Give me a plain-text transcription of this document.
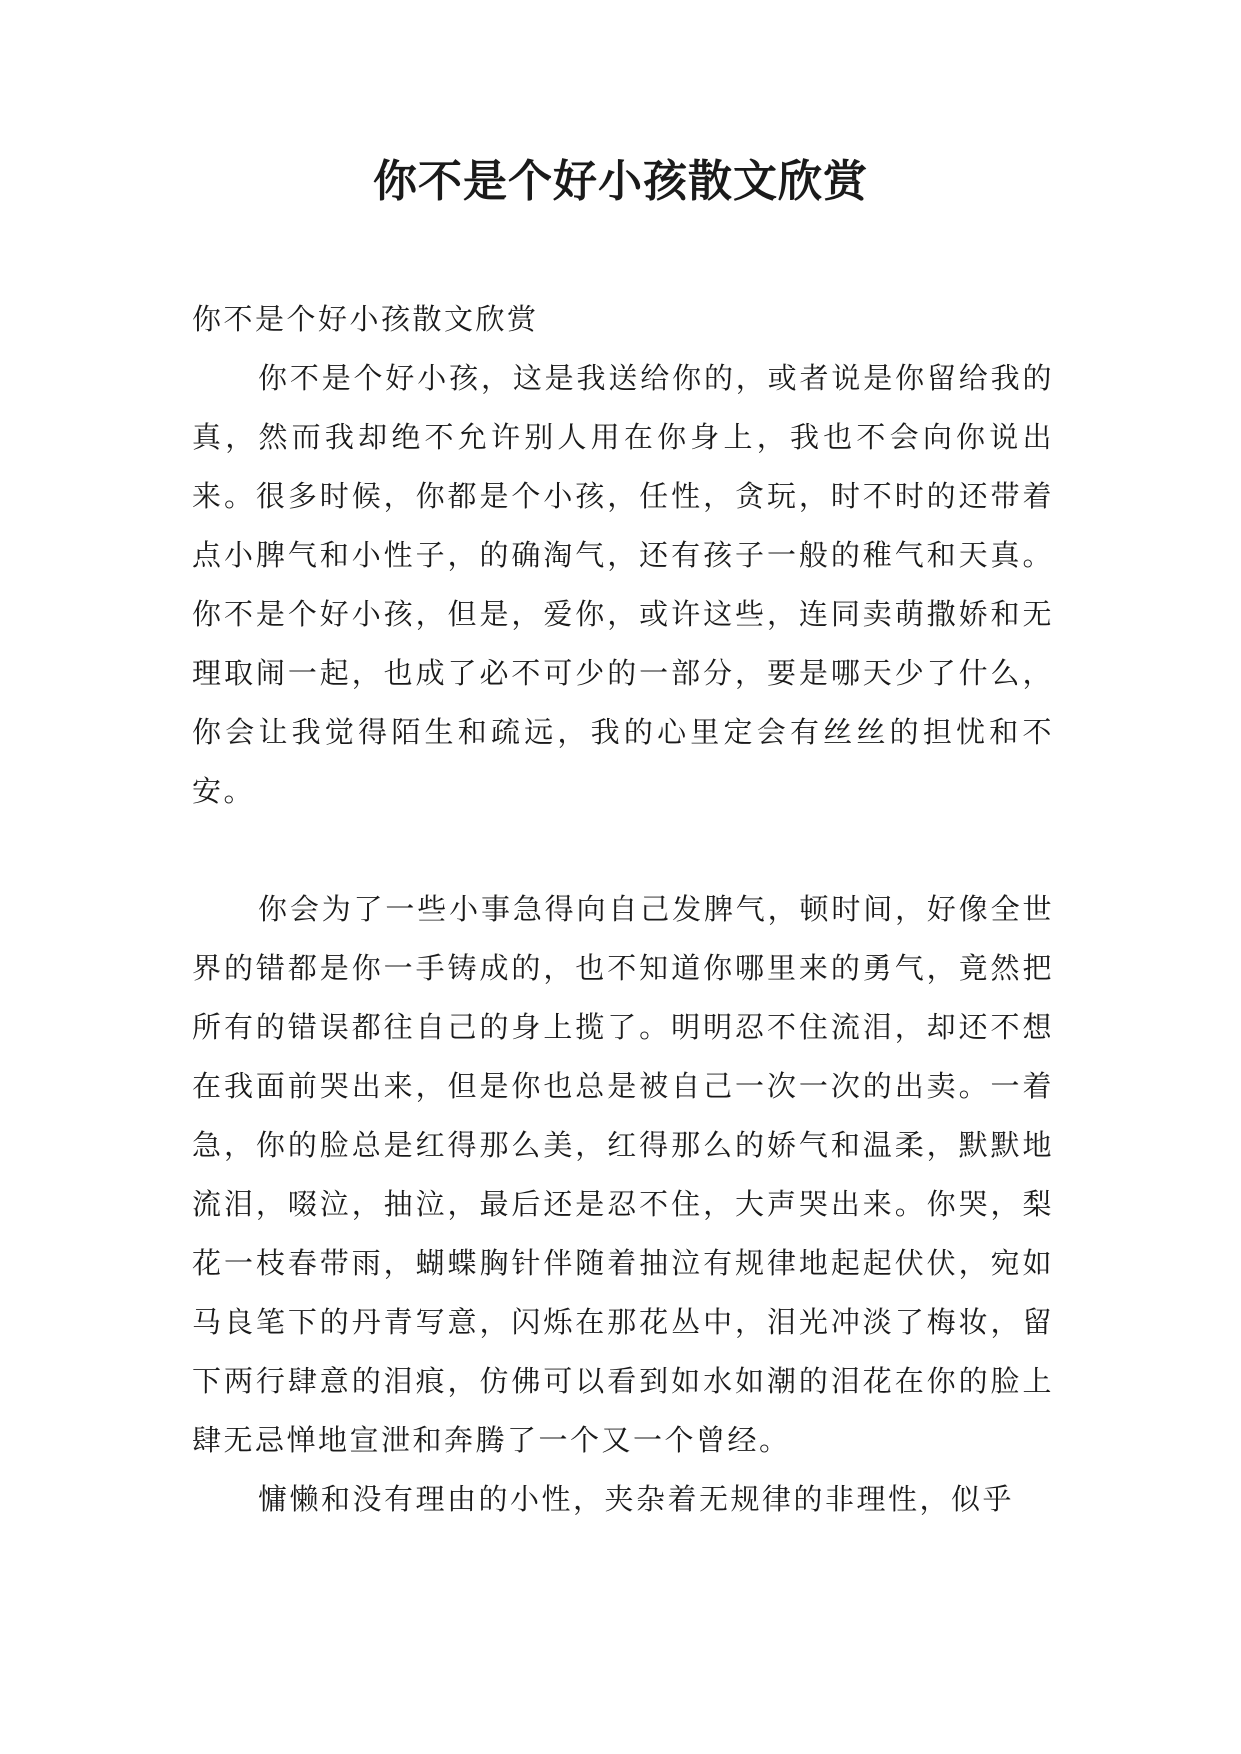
你不是个好小孩散文欣赏

你不是个好小孩散文欣赏

你不是个好小孩，这是我送给你的，或者说是你留给我的真，然而我却绝不允许别人用在你身上，我也不会向你说出来。很多时候，你都是个小孩，任性，贪玩，时不时的还带着点小脾气和小性子，的确淘气，还有孩子一般的稚气和天真。你不是个好小孩，但是，爱你，或许这些，连同卖萌撒娇和无理取闹一起，也成了必不可少的一部分，要是哪天少了什么，你会让我觉得陌生和疏远，我的心里定会有丝丝的担忧和不安。

你会为了一些小事急得向自己发脾气，顿时间，好像全世界的错都是你一手铸成的，也不知道你哪里来的勇气，竟然把所有的错误都往自己的身上揽了。明明忍不住流泪，却还不想在我面前哭出来，但是你也总是被自己一次一次的出卖。一着急，你的脸总是红得那么美，红得那么的娇气和温柔，默默地流泪，啜泣，抽泣，最后还是忍不住，大声哭出来。你哭，梨花一枝春带雨，蝴蝶胸针伴随着抽泣有规律地起起伏伏，宛如马良笔下的丹青写意，闪烁在那花丛中，泪光冲淡了梅妆，留下两行肆意的泪痕，仿佛可以看到如水如潮的泪花在你的脸上肆无忌惮地宣泄和奔腾了一个又一个曾经。

慵懒和没有理由的小性，夹杂着无规律的非理性，似乎
